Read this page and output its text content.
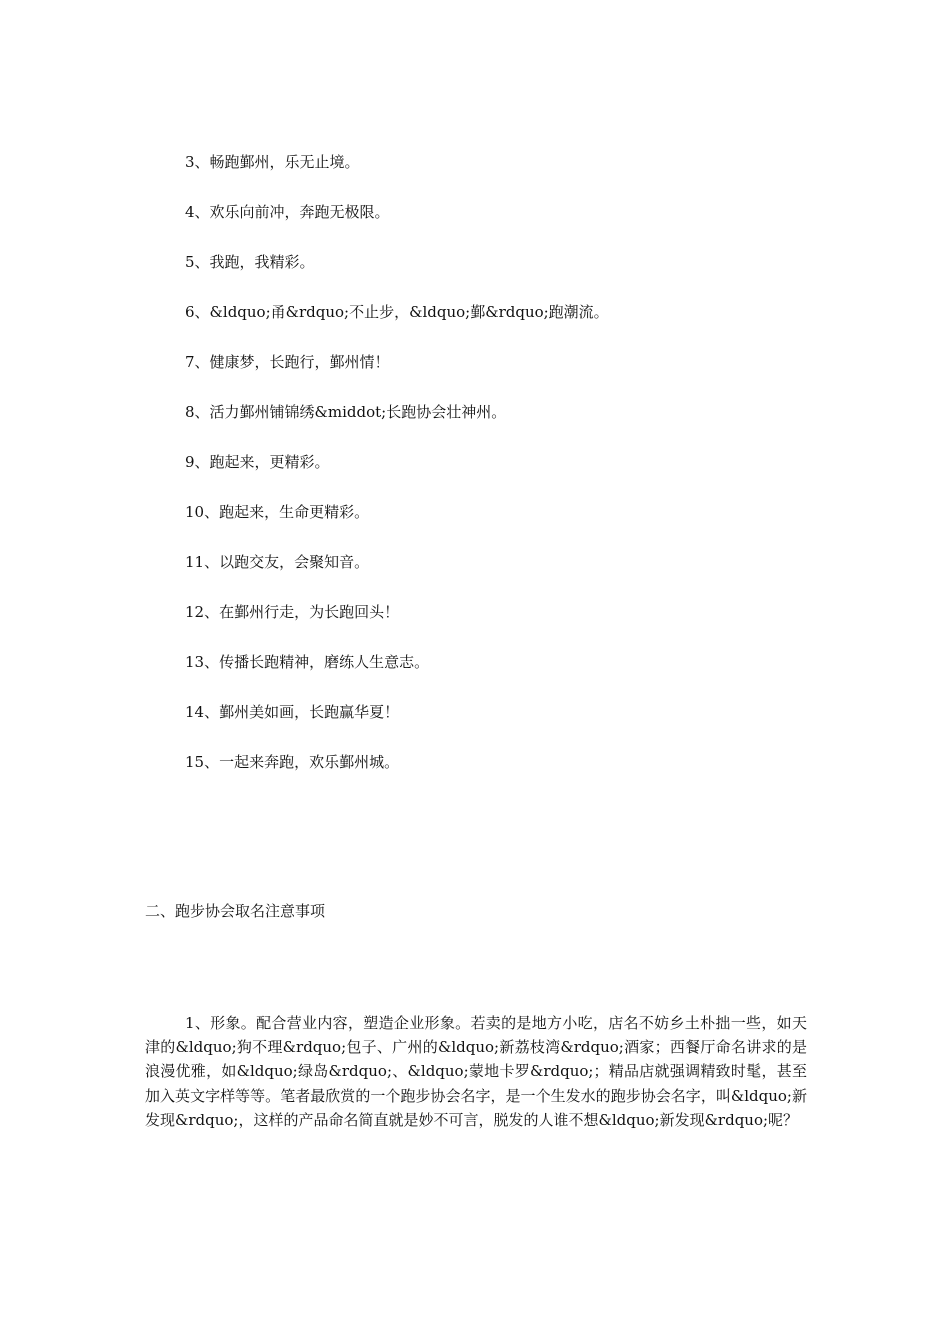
3、畅跑鄞州，乐无止境。
4、欢乐向前冲，奔跑无极限。
5、我跑，我精彩。
6、&ldquo;甬&rdquo;不止步，&ldquo;鄞&rdquo;跑潮流。
7、健康梦，长跑行，鄞州情！
8、活力鄞州铺锦绣&middot;长跑协会壮神州。
9、跑起来，更精彩。
10、跑起来，生命更精彩。
11、以跑交友，会聚知音。
12、在鄞州行走，为长跑回头！
13、传播长跑精神，磨练人生意志。
14、鄞州美如画，长跑赢华夏！
15、一起来奔跑，欢乐鄞州城。
二、跑步协会取名注意事项

1、形象。配合营业内容，塑造企业形象。若卖的是地方小吃，店名不妨乡土朴拙一些，如天津的&ldquo;狗不理&rdquo;包子、广州的&ldquo;新荔枝湾&rdquo;酒家；西餐厅命名讲求的是浪漫优雅，如&ldquo;绿岛&rdquo;、&ldquo;蒙地卡罗&rdquo;；精品店就强调精致时髦，甚至加入英文字样等等。笔者最欣赏的一个跑步协会名字，是一个生发水的跑步协会名字，叫&ldquo;新发现&rdquo;，这样的产品命名简直就是妙不可言，脱发的人谁不想&ldquo;新发现&rdquo;呢？
